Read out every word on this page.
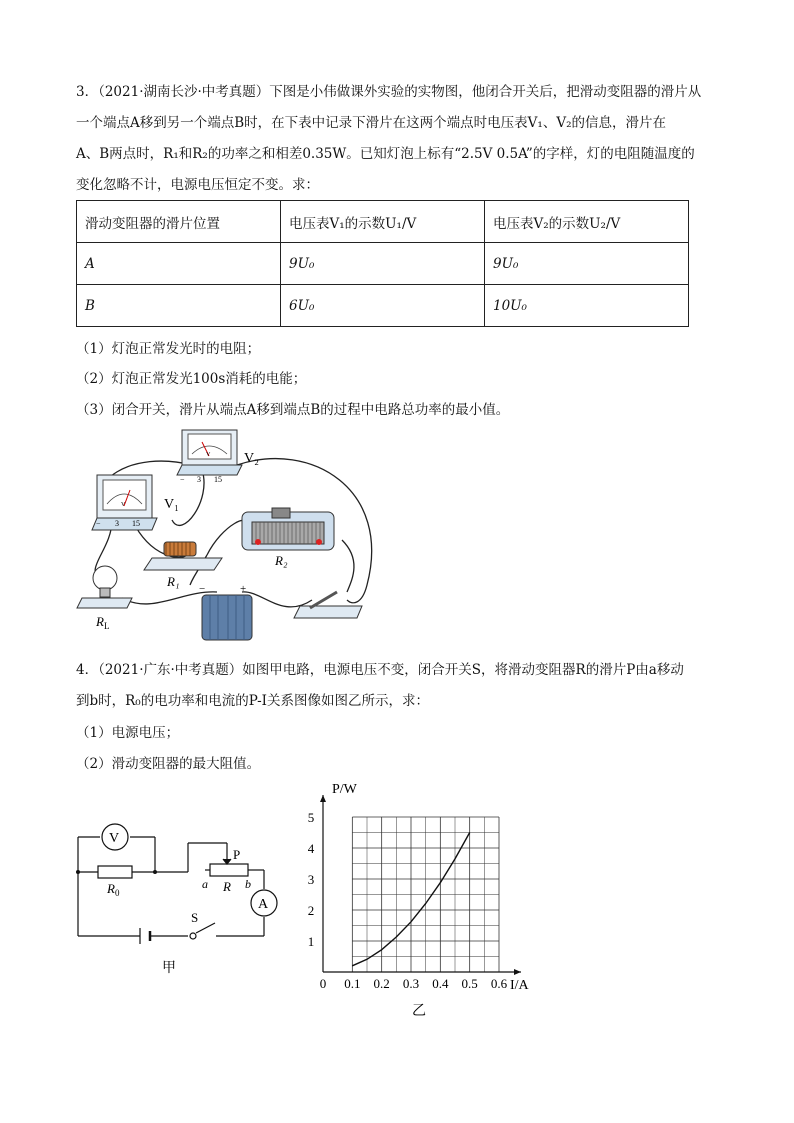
3．（2021·湖南长沙·中考真题）下图是小伟做课外实验的实物图，他闭合开关后，把滑动变阻器的滑片从
一个端点A移到另一个端点B时，在下表中记录下滑片在这两个端点时电压表V₁、V₂的信息，滑片在
A、B两点时，R₁和R₂的功率之和相差0.35W。已知灯泡上标有“2.5V 0.5A”的字样，灯的电阻随温度的
变化忽略不计，电源电压恒定不变。求：
滑动变阻器的滑片位置	电压表V₁的示数U₁/V	电压表V₂的示数U₂/V
A	9U₀	9U₀
B	6U₀	10U₀
（1）灯泡正常发光时的电阻；
（2）灯泡正常发光100s消耗的电能；
（3）闭合开关，滑片从端点A移到端点B的过程中电路总功率的最小值。
V
− 3 15
V₂
V
− 3 15
V₁
R₁
R₂
$R_L$
−	+
4．（2021·广东·中考真题）如图甲电路，电源电压不变，闭合开关S，将滑动变阻器R的滑片P由a移动
到b时，R₀的电功率和电流的P-I关系图像如图乙所示，求：
（1）电源电压；
（2）滑动变阻器的最大阻值。
V
$R_0$
P
a R b
A
S
甲
0 0.1 0.2 0.3 0.4 0.5 0.6
1
2
3
4
5
P/W
I/A
乙
